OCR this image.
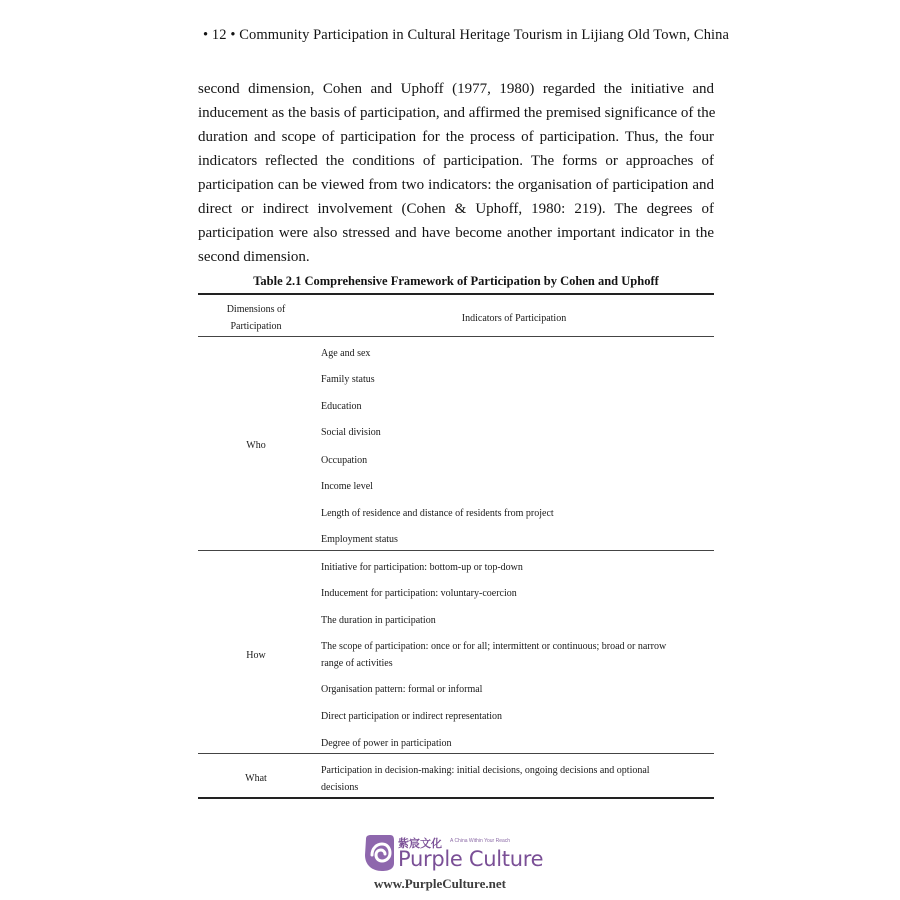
• 12 • Community Participation in Cultural Heritage Tourism in Lijiang Old Town, China
second dimension, Cohen and Uphoff (1977, 1980) regarded the initiative and
inducement as the basis of participation, and affirmed the premised significance of the
duration and scope of participation for the process of participation. Thus, the four
indicators reflected the conditions of participation. The forms or approaches of
participation can be viewed from two indicators: the organisation of participation and
direct or indirect involvement (Cohen & Uphoff, 1980: 219). The degrees of
participation were also stressed and have become another important indicator in the
second dimension.
Table 2.1 Comprehensive Framework of Participation by Cohen and Uphoff
Dimensions of
Participation
Indicators of Participation
Who
Age and sex
Family status
Education
Social division
Occupation
Income level
Length of residence and distance of residents from project
Employment status
How
Initiative for participation: bottom-up or top-down
Inducement for participation: voluntary-coercion
The duration in participation
The scope of participation: once or for all; intermittent or continuous; broad or narrow
range of activities
Organisation pattern: formal or informal
Direct participation or indirect representation
Degree of power in participation
What
Participation in decision-making: initial decisions, ongoing decisions and optional
decisions
紫宸文化 A China Within Your Reach
Purple Culture
www.PurpleCulture.net
